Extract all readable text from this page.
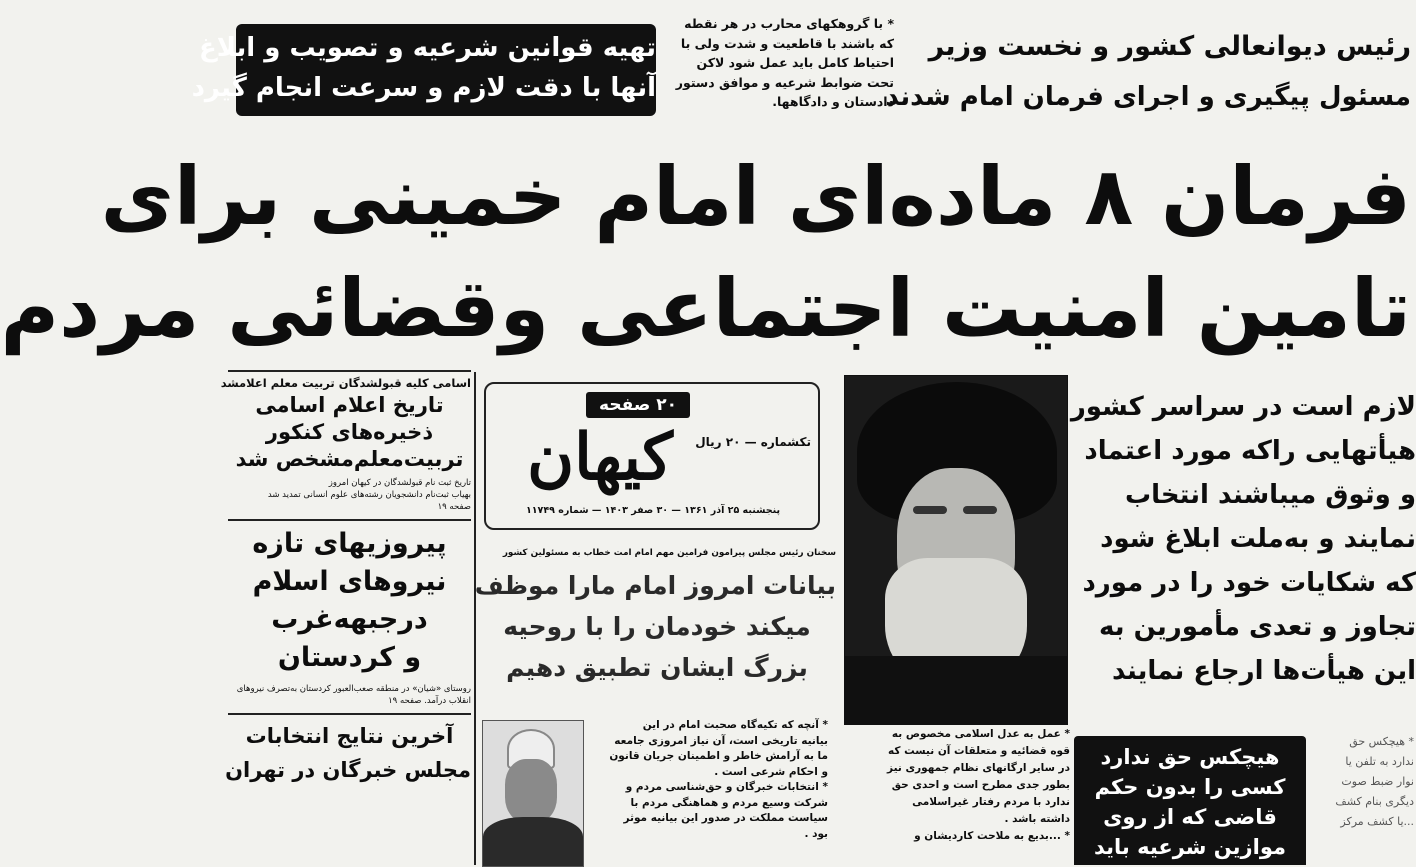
تهیه قوانین شرعیه و تصویب و ابلاغ
آنها با دقت لازم و سرعت انجام گیرد
* با گروهکهای محارب در هر نقطه
که باشند با قاطعیت و شدت ولی با
احتیاط کامل باید عمل شود لاکن
تحت ضوابط شرعیه و موافق دستور
دادستان و دادگاهها.
رئیس دیوانعالی کشور و نخست وزیر
مسئول پیگیری و اجرای فرمان امام شدند
فرمان ۸ ماده‌ای امام خمینی برای
تامین امنیت اجتماعی وقضائی مردم
اسامی کلیه قبولشدگان تربیت معلم اعلامشد
تاریخ اعلام اسامی
ذخیره‌های کنکور
تربیت‌معلم‌مشخص شد
تاریخ ثبت نام قبولشدگان در کیهان امروز
بهیاب ثبت‌نام دانشجویان رشته‌های علوم انسانی تمدید شد
صفحه ۱۹
پیروزیهای تازه
نیروهای اسلام
درجبهه‌غرب
و کردستان
روستای «شیان» در منطقه صعب‌العبور کردستان به‌تصرف نیروهای انقلاب درآمد. صفحه ۱۹
آخرین نتایج انتخابات
مجلس خبرگان در تهران
۲۰ صفحه
کیهان	تکشماره — ۲۰ ریال
پنجشنبه ۲۵ آذر ۱۳۶۱ — ۳۰ صفر ۱۴۰۳ — شماره ۱۱۷۴۹
سخنان رئیس مجلس پیرامون فرامین مهم امام امت خطاب به مسئولین کشور
بیانات امروز امام مارا موظف
میکند خودمان را با روحیه
بزرگ ایشان تطبیق دهیم
* آنچه که تکیه‌گاه صحبت امام در این
بیانیه تاریخی است، آن نیاز امروزی جامعه
ما به آرامش خاطر و اطمینان جریان قانون
و احکام شرعی است .
* انتخابات خبرگان و حق‌شناسی مردم و
شرکت وسیع مردم و هماهنگی مردم با
سیاست مملکت در صدور این بیانیه موثر
بود .
* عمل به عدل اسلامی مخصوص به
قوه قضائیه و متعلقات آن نیست که
در سایر ارگانهای نظام جمهوری نیز
بطور جدی مطرح است و احدی حق
ندارد با مردم رفتار غیراسلامی
داشته باشد .
* ...بدیع به ملاحت کاردیشان و
لازم است در سراسر کشور
هیأتهایی راکه مورد اعتماد
و وثوق میباشند انتخاب
نمایند و به‌ملت ابلاغ شود
که شکایات خود را در مورد
تجاوز و تعدی مأمورین به
این هیأت‌ها ارجاع نمایند
هیچکس حق ندارد
کسی را بدون حکم
قاضی که از روی
موازین شرعیه باید
* هیچکس حق
ندارد به تلفن یا
نوار ضبط صوت
دیگری بنام کشف
...یا کشف مرکز
